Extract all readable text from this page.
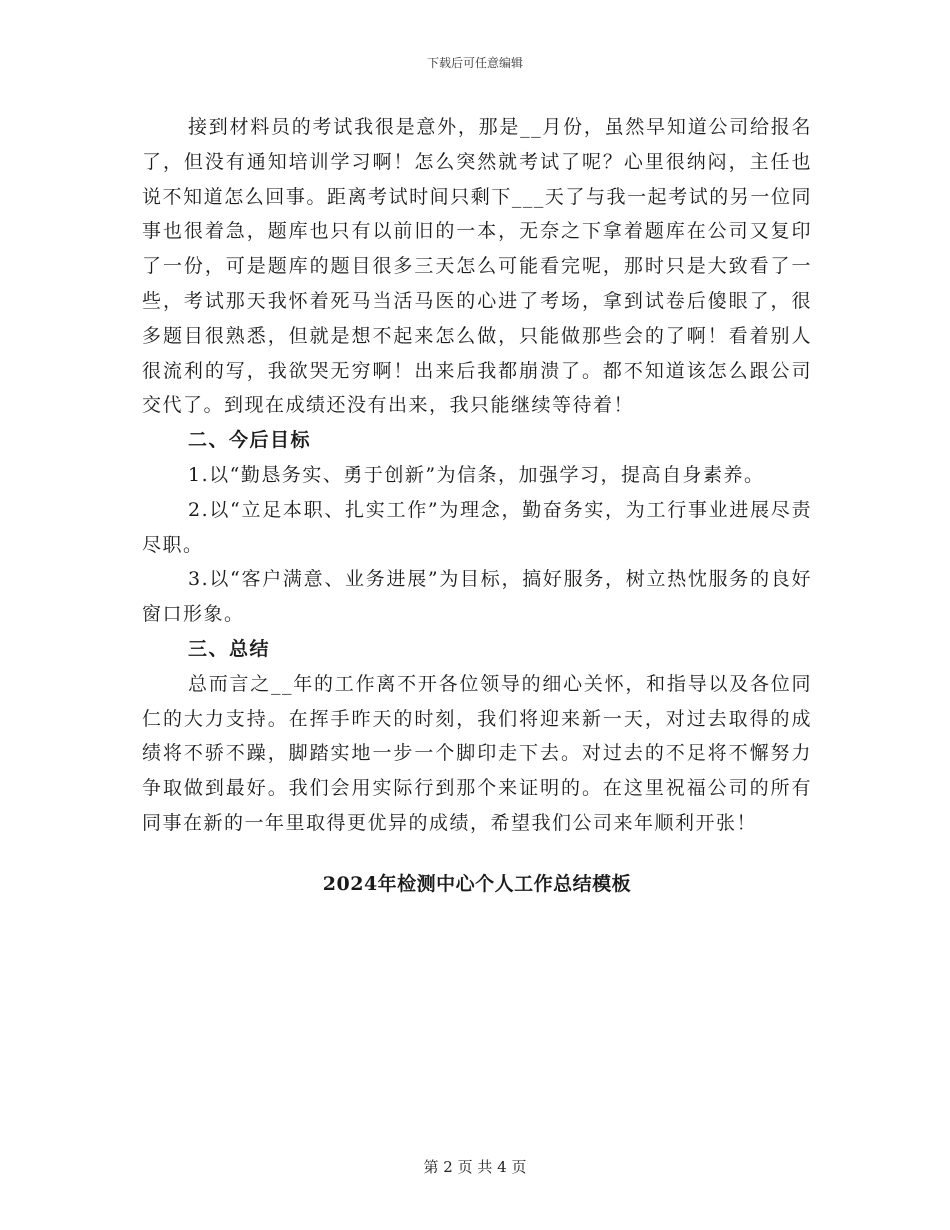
下载后可任意编辑

接到材料员的考试我很是意外，那是__月份，虽然早知道公司给报名了，但没有通知培训学习啊！怎么突然就考试了呢？心里很纳闷，主任也说不知道怎么回事。距离考试时间只剩下___天了与我一起考试的另一位同事也很着急，题库也只有以前旧的一本，无奈之下拿着题库在公司又复印了一份，可是题库的题目很多三天怎么可能看完呢，那时只是大致看了一些，考试那天我怀着死马当活马医的心进了考场，拿到试卷后傻眼了，很多题目很熟悉，但就是想不起来怎么做，只能做那些会的了啊！看着别人很流利的写，我欲哭无穷啊！出来后我都崩溃了。都不知道该怎么跟公司交代了。到现在成绩还没有出来，我只能继续等待着！

二、今后目标

1.以“勤恳务实、勇于创新”为信条，加强学习，提高自身素养。

2.以“立足本职、扎实工作”为理念，勤奋务实，为工行事业进展尽责尽职。

3.以“客户满意、业务进展”为目标，搞好服务，树立热忱服务的良好窗口形象。

三、总结

总而言之__年的工作离不开各位领导的细心关怀，和指导以及各位同仁的大力支持。在挥手昨天的时刻，我们将迎来新一天，对过去取得的成绩将不骄不躁，脚踏实地一步一个脚印走下去。对过去的不足将不懈努力争取做到最好。我们会用实际行到那个来证明的。在这里祝福公司的所有同事在新的一年里取得更优异的成绩，希望我们公司来年顺利开张！

2024年检测中心个人工作总结模板

第 2 页 共 4 页
